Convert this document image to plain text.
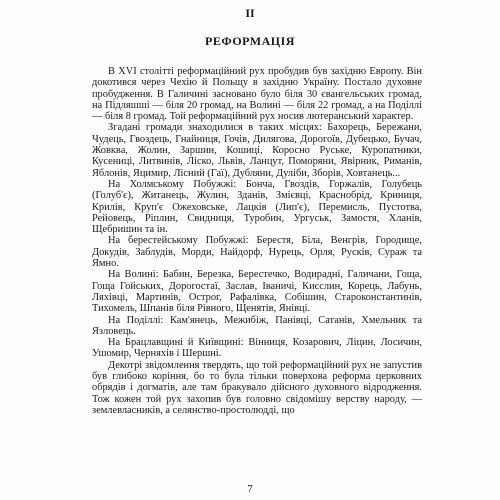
II
РЕФОРМАЦІЯ

В XVI столітті реформаційний рух пробудив був західню Европу. Він докотився через Чехію й Польщу в західню Україну. Постало духовне пробудження. В Галичині засновано було біля 30 євангельських громад, на Підляшші — біля 20 громад, на Волині — біля 22 громад, а на Поділлі — біля 8 громад. Той реформаційний рух носив лютеранський характер.

Згадані громади знаходилися в таких місцях: Бахорець, Бережани, Чудець, Гвоздець, Гнайниця, Гочів, Дилягова, Дорогоїв, Дубецько, Бучач, Жовква, Жолин, Заршин, Кошиці, Коросно Руське, Куропатники, Кусениці, Литвинів, Ліско, Львів, Ланцут, Поморяни, Явірник, Риманів, Яблонів, Яцимир, Лісний (Гаї), Дубляни, Дуліби, Зборів, Ховтанець...

На Холмському Побужжі: Бонча, Гвоздів, Горжалів, Голубець (Голуб'є), Житанець, Жулин, Зданів, Змієвці, Краснобрід, Криниця, Крилів, Круп'є Ожеховське, Лацків (Лип'є), Перемисль, Пустотва, Рейовець, Ріплин, Свидниця, Туробин, Ургуськ, Замостя, Хланів, Щебришин та ін.

На берестейському Побужжі: Берестя, Біла, Венгрів, Городище, Докудів, Заблудів, Морди, Найдорф, Нурець, Орля, Русків, Сураж та Ямно.

На Волині: Бабин, Березка, Берестечко, Водирадні, Галичани, Гоща, Гоща Гойських, Дорогостаї, Заслав, Іваничі, Кисслин, Корець, Лабунь, Ляхівці, Мартинів, Острог, Рафалівка, Собішин, Староконстантинів, Тихомель, Шпанів біля Рівного, Щенятів, Янівці.

На Поділлі: Кам'янець, Межибіж, Панівці, Сатанів, Хмельник та Язловець.

На Брацлавщині й Київщині: Вінниця, Козарович, Ліцин, Лосичин, Ушомир, Черняхів і Шершні.

Декотрі звідомлення твердять, що той реформаційний рух не запустив був глибоко коріння, бо то була тільки поверхова реформа церковних обрядів і догматів, але там бракувало дійсного духовного відродження. Тож кожен той рух захопив був головно свідомішу верству народу, — землевласників, а селянство-простолюдді, що

7
